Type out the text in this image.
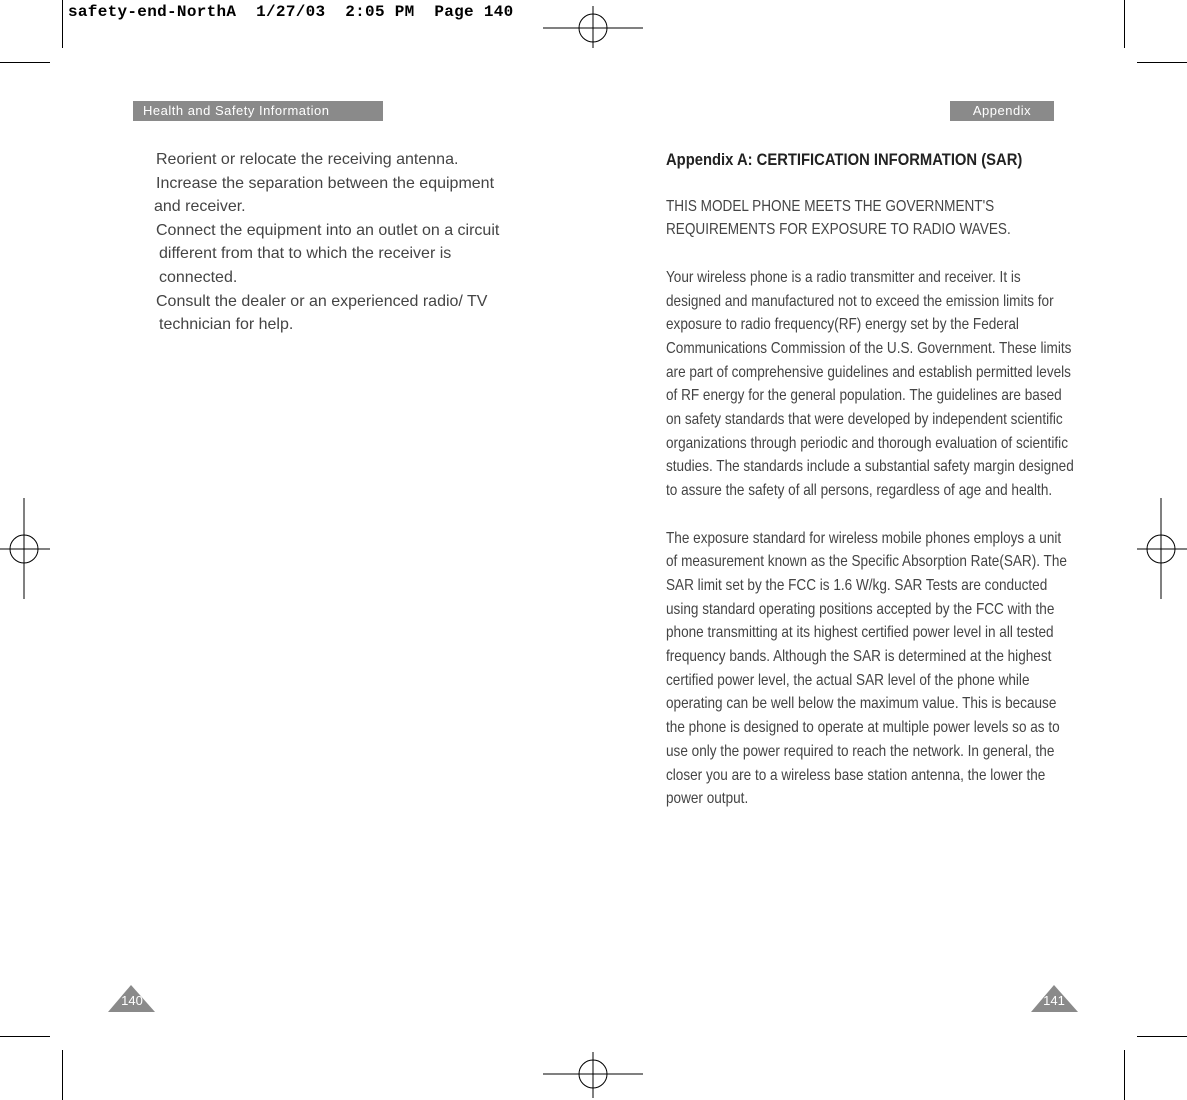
safety-end-NorthA  1/27/03  2:05 PM  Page 140
Health and Safety Information	Appendix
Reorient or relocate the receiving antenna.
Increase the separation between the equipment
and receiver.
Connect the equipment into an outlet on a circuit
different from that to which the receiver is
connected.
Consult the dealer or an experienced radio/ TV
technician for help.
Appendix A: CERTIFICATION INFORMATION (SAR)

THIS MODEL PHONE MEETS THE GOVERNMENT'S REQUIREMENTS FOR EXPOSURE TO RADIO WAVES.

Your wireless phone is a radio transmitter and receiver. It is designed and manufactured not to exceed the emission limits for exposure to radio frequency(RF) energy set by the Federal Communications Commission of the U.S. Government. These limits are part of comprehensive guidelines and establish permitted levels of RF energy for the general population. The guidelines are based on safety standards that were developed by independent scientific organizations through periodic and thorough evaluation of scientific studies. The standards include a substantial safety margin designed to assure the safety of all persons, regardless of age and health.

The exposure standard for wireless mobile phones employs a unit of measurement known as the Specific Absorption Rate(SAR). The SAR limit set by the FCC is 1.6 W/kg. SAR Tests are conducted using standard operating positions accepted by the FCC with the phone transmitting at its highest certified power level in all tested frequency bands. Although the SAR is determined at the highest certified power level, the actual SAR level of the phone while operating can be well below the maximum value. This is because the phone is designed to operate at multiple power levels so as to use only the power required to reach the network. In general, the closer you are to a wireless base station antenna, the lower the power output.

140	141
